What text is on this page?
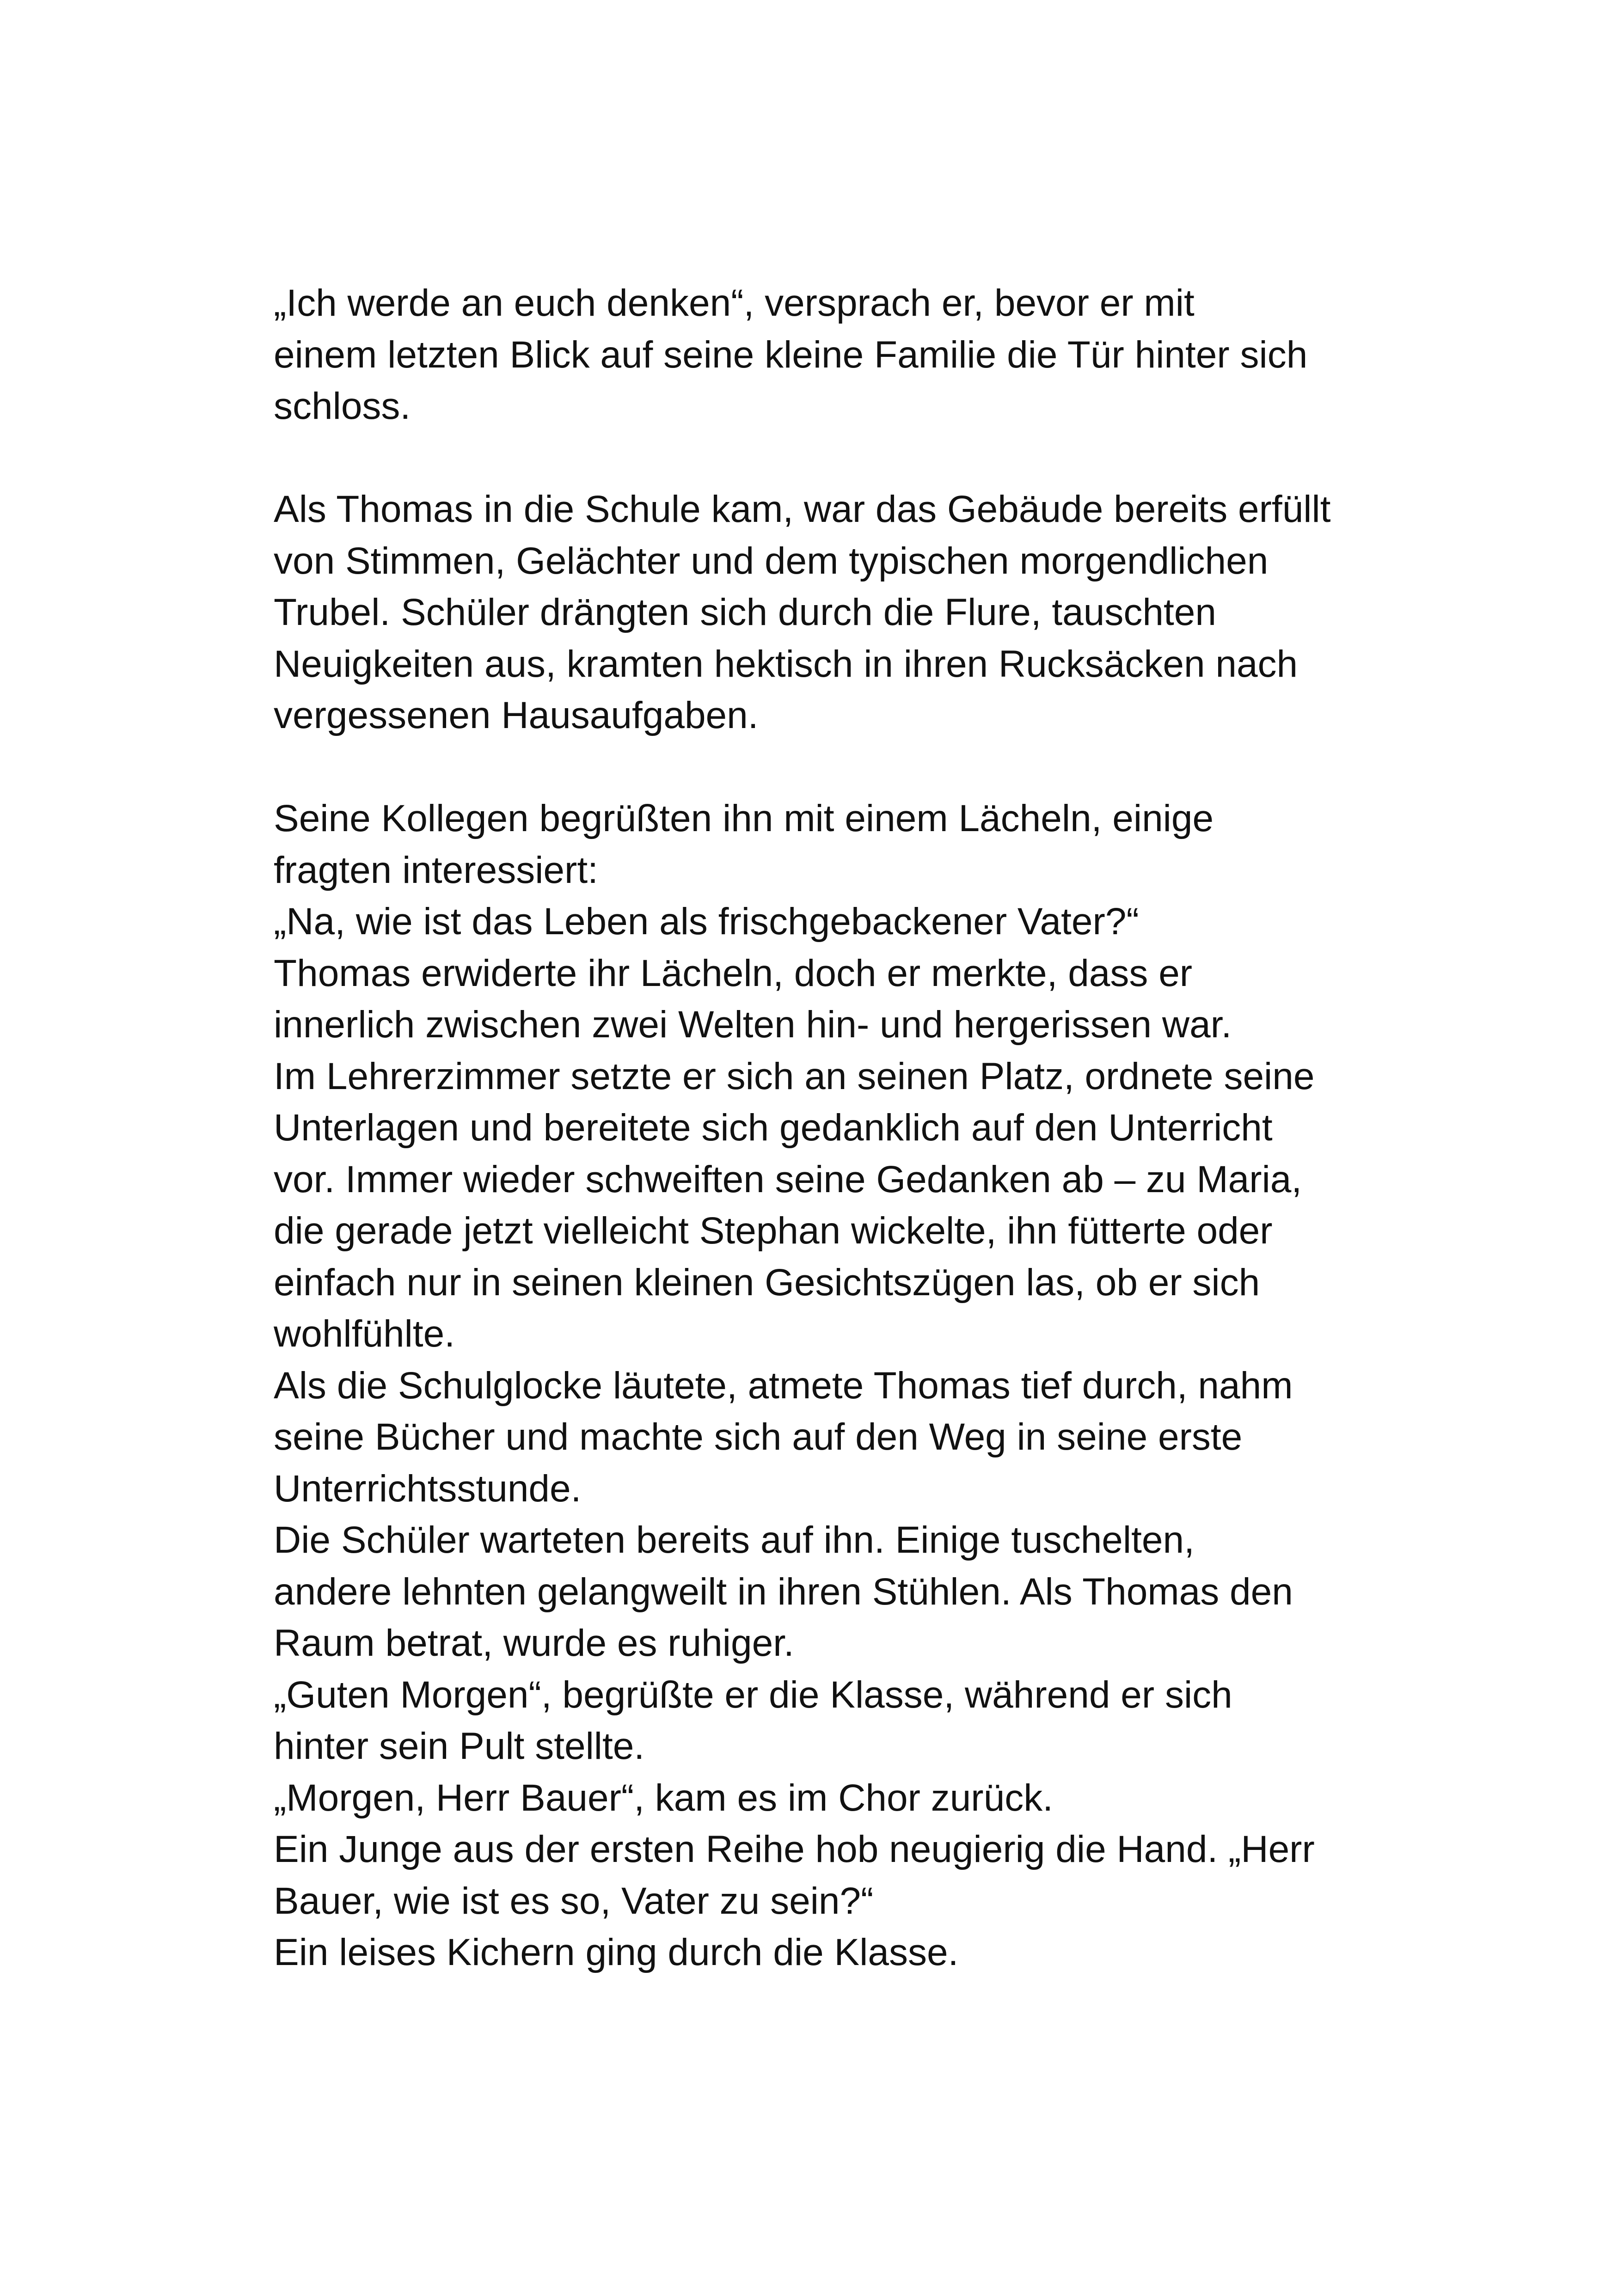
„Ich werde an euch denken“, versprach er, bevor er mit
einem letzten Blick auf seine kleine Familie die Tür hinter sich
schloss.
Als Thomas in die Schule kam, war das Gebäude bereits erfüllt
von Stimmen, Gelächter und dem typischen morgendlichen
Trubel. Schüler drängten sich durch die Flure, tauschten
Neuigkeiten aus, kramten hektisch in ihren Rucksäcken nach
vergessenen Hausaufgaben.
Seine Kollegen begrüßten ihn mit einem Lächeln, einige
fragten interessiert:
„Na, wie ist das Leben als frischgebackener Vater?“
Thomas erwiderte ihr Lächeln, doch er merkte, dass er
innerlich zwischen zwei Welten hin- und hergerissen war.
Im Lehrerzimmer setzte er sich an seinen Platz, ordnete seine
Unterlagen und bereitete sich gedanklich auf den Unterricht
vor. Immer wieder schweiften seine Gedanken ab – zu Maria,
die gerade jetzt vielleicht Stephan wickelte, ihn fütterte oder
einfach nur in seinen kleinen Gesichtszügen las, ob er sich
wohlfühlte.
Als die Schulglocke läutete, atmete Thomas tief durch, nahm
seine Bücher und machte sich auf den Weg in seine erste
Unterrichtsstunde.
Die Schüler warteten bereits auf ihn. Einige tuschelten,
andere lehnten gelangweilt in ihren Stühlen. Als Thomas den
Raum betrat, wurde es ruhiger.
„Guten Morgen“, begrüßte er die Klasse, während er sich
hinter sein Pult stellte.
„Morgen, Herr Bauer“, kam es im Chor zurück.
Ein Junge aus der ersten Reihe hob neugierig die Hand. „Herr
Bauer, wie ist es so, Vater zu sein?“
Ein leises Kichern ging durch die Klasse.
